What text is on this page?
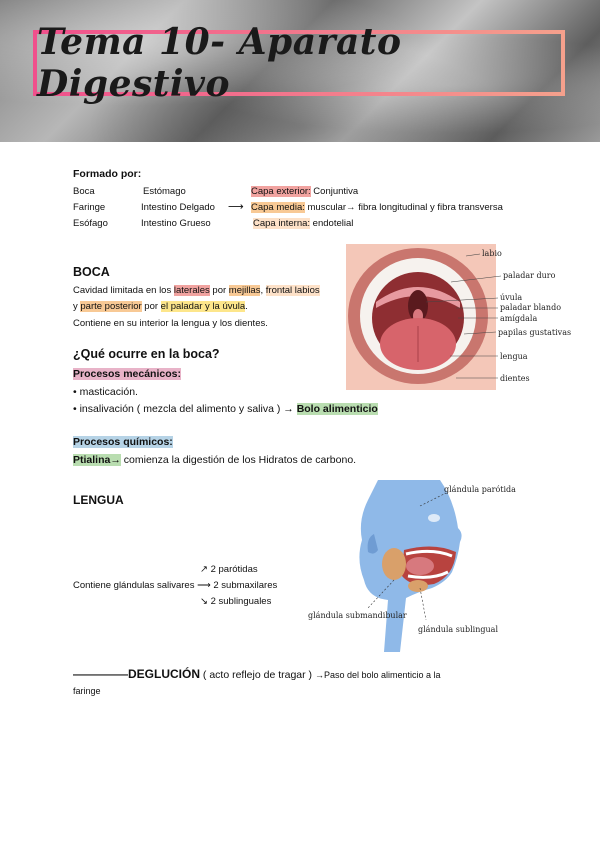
Tema 10- Aparato Digestivo
Formado por:
Boca
Faringe
Esófago
Estómago
Intestino Delgado
Intestino Grueso
⟶
Capa exterior: Conjuntiva
Capa media: muscular→ fibra longitudinal y fibra transversa
Capa interna: endotelial
BOCA
Cavidad limitada en los laterales por mejillas, frontal labios
y parte posterior por el paladar y la úvula.
Contiene en su interior la lengua y los dientes.
labio
paladar duro
úvula
paladar blando
amígdala
papilas gustativas
lengua
dientes
¿Qué ocurre en la boca?
Procesos mecánicos:
• masticación.
• insalivación ( mezcla del alimento y saliva ) → Bolo alimenticio
Procesos químicos:
Ptialina→ comienza la digestión de los Hidratos de carbono.
LENGUA
↗ 2 parótidas
Contiene glándulas salivares ⟶ 2 submaxilares
↘ 2 sublinguales
glándula parótida
glándula submandibular
glándula sublingual
—————DEGLUCIÓN ( acto reflejo de tragar ) →Paso del bolo alimenticio a la
faringe
